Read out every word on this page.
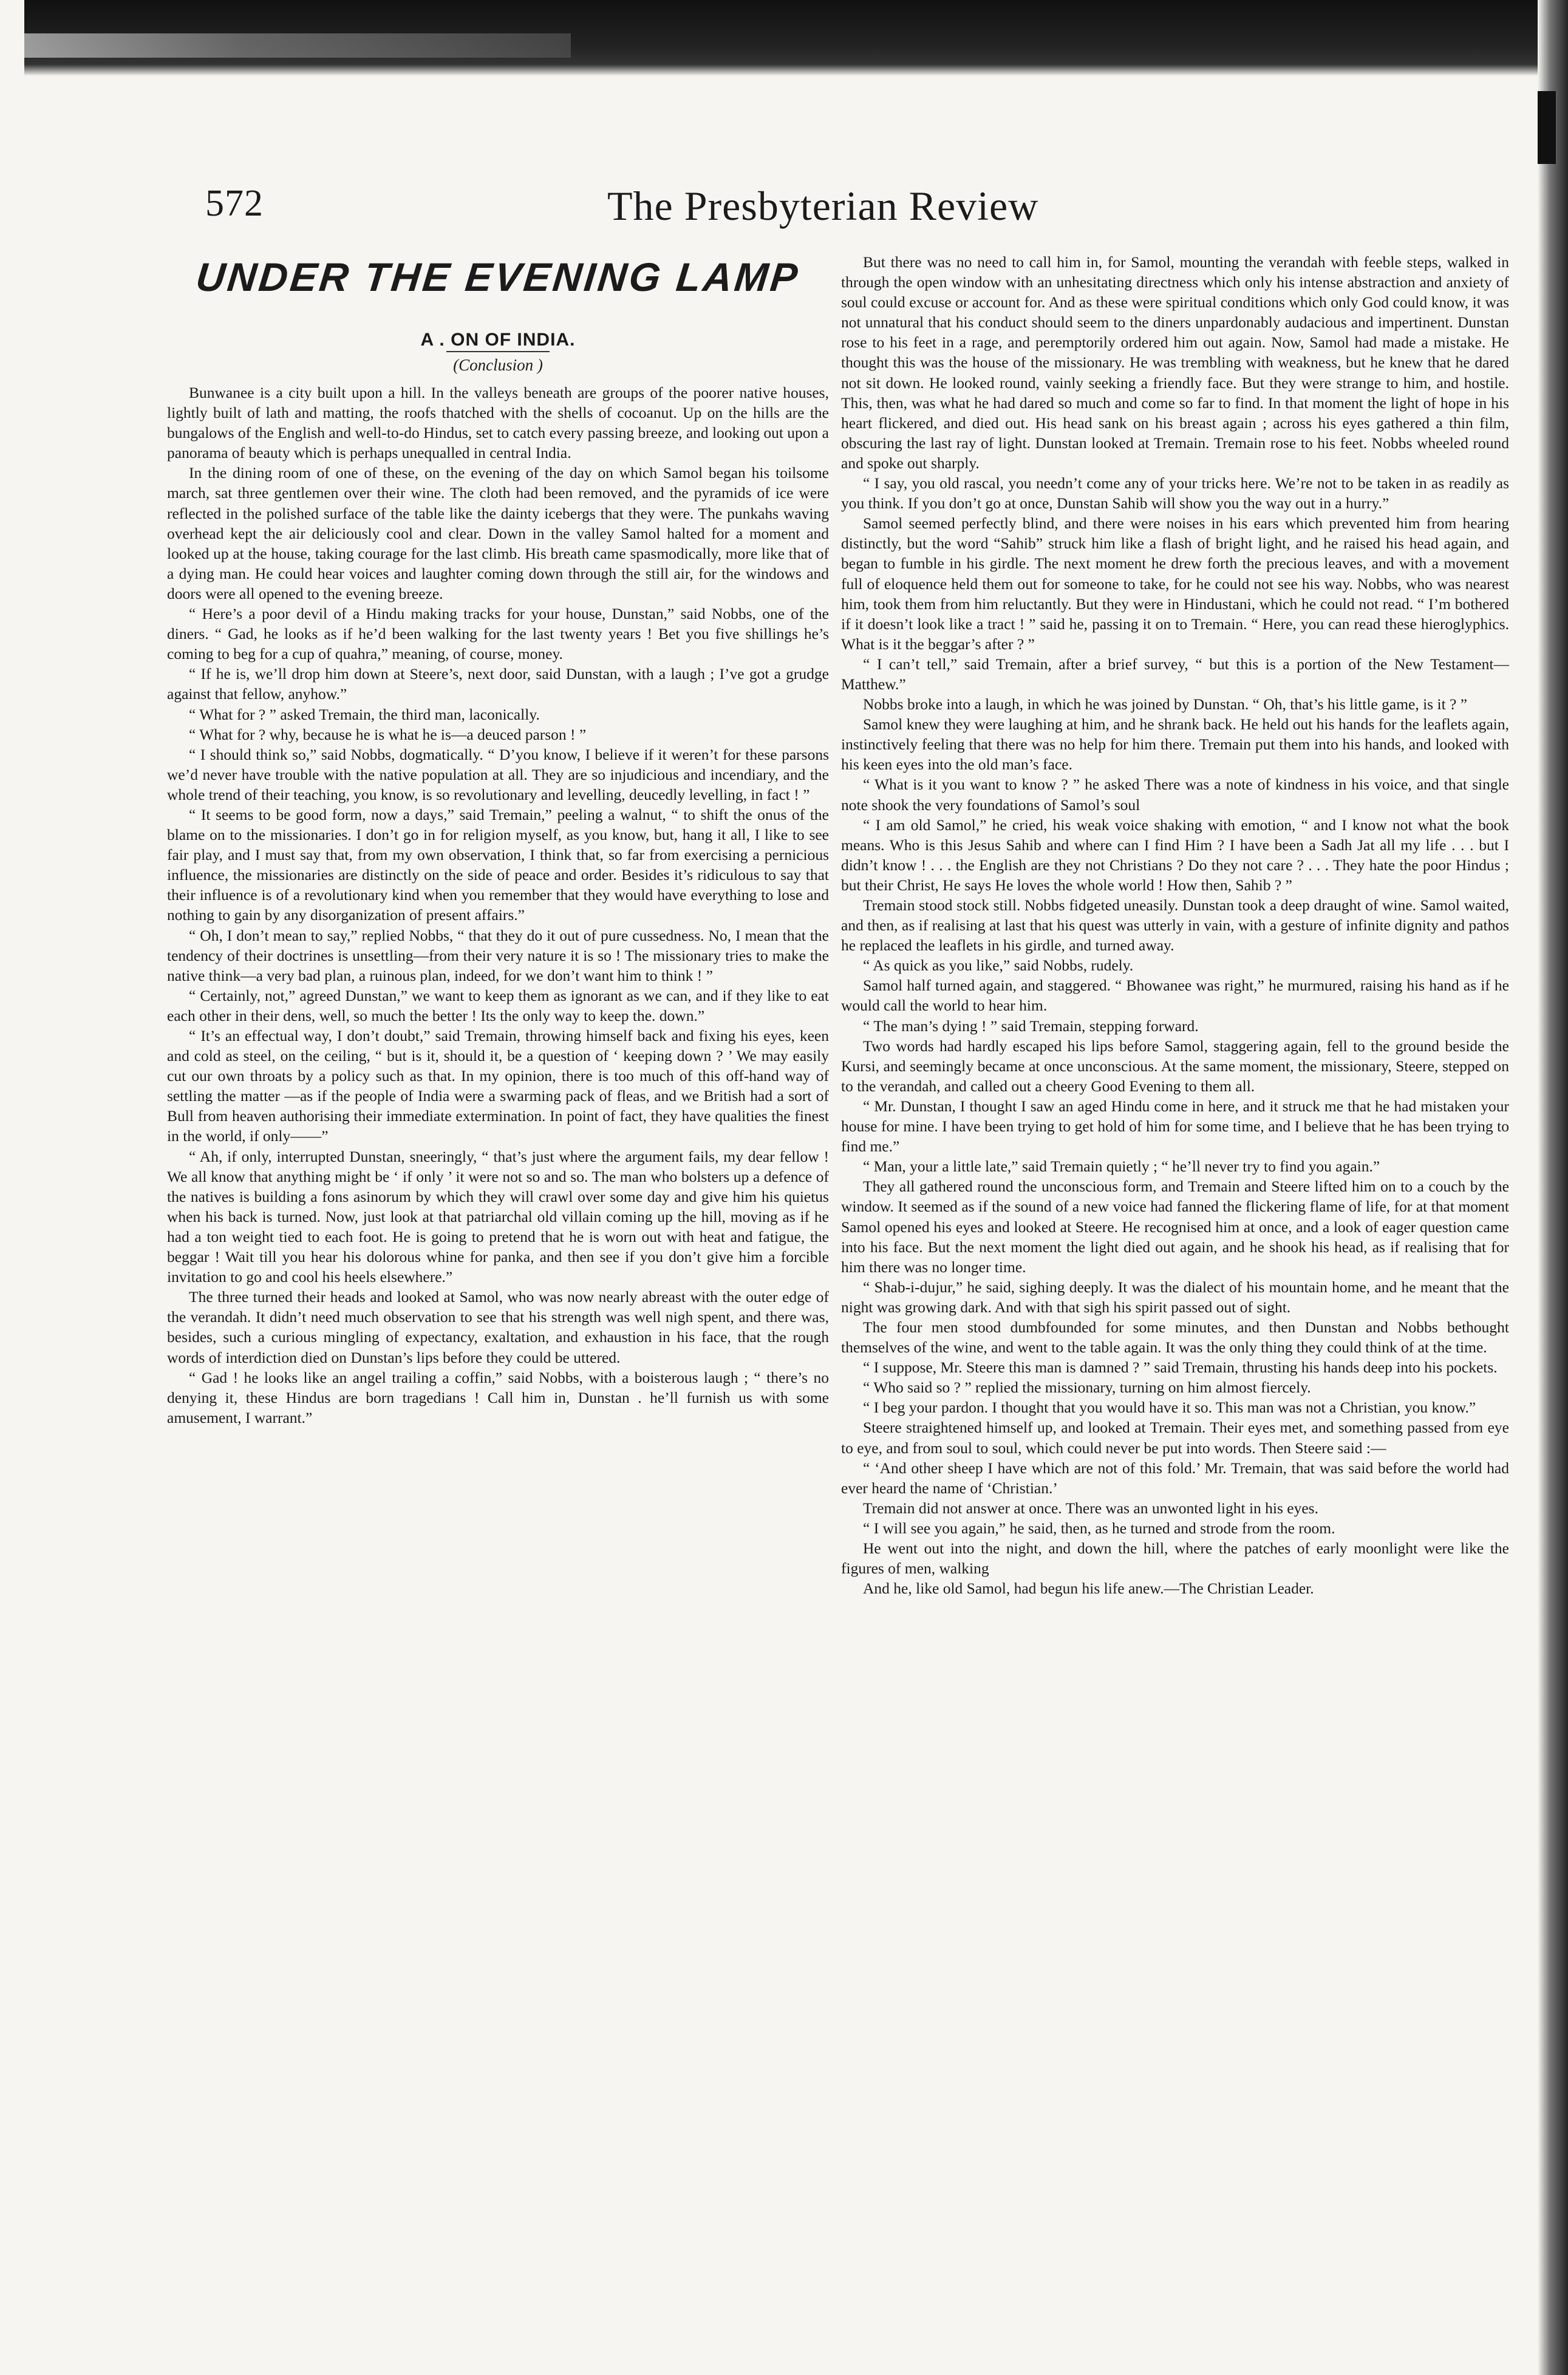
572	The Presbyterian Review
UNDER THE EVENING LAMP
A . ON OF INDIA.
(Conclusion )

Bunwanee is a city built upon a hill. In the valleys beneath are groups of the poorer native houses, lightly built of lath and matting, the roofs thatched with the shells of cocoanut. Up on the hills are the bungalows of the English and well-to-do Hindus, set to catch every passing breeze, and looking out upon a panorama of beauty which is perhaps unequalled in central India.

In the dining room of one of these, on the evening of the day on which Samol began his toilsome march, sat three gentlemen over their wine. The cloth had been removed, and the pyramids of ice were reflected in the polished surface of the table like the dainty icebergs that they were. The punkahs waving overhead kept the air deliciously cool and clear. Down in the valley Samol halted for a moment and looked up at the house, taking courage for the last climb. His breath came spasmodically, more like that of a dying man. He could hear voices and laughter coming down through the still air, for the windows and doors were all opened to the evening breeze.

“ Here’s a poor devil of a Hindu making tracks for your house, Dunstan,” said Nobbs, one of the diners. “ Gad, he looks as if he’d been walking for the last twenty years ! Bet you five shillings he’s coming to beg for a cup of quahra,” meaning, of course, money.

“ If he is, we’ll drop him down at Steere’s, next door, said Dunstan, with a laugh ; I’ve got a grudge against that fellow, anyhow.”

“ What for ? ” asked Tremain, the third man, laconically.

“ What for ? why, because he is what he is—a deuced parson ! ”

“ I should think so,” said Nobbs, dogmatically. “ D’you know, I believe if it weren’t for these parsons we’d never have trouble with the native population at all. They are so injudicious and incendiary, and the whole trend of their teaching, you know, is so revolutionary and levelling, deucedly levelling, in fact ! ”

“ It seems to be good form, now a days,” said Tremain,” peeling a walnut, “ to shift the onus of the blame on to the missionaries. I don’t go in for religion myself, as you know, but, hang it all, I like to see fair play, and I must say that, from my own observation, I think that, so far from exercising a pernicious influence, the missionaries are distinctly on the side of peace and order. Besides it’s ridiculous to say that their influence is of a revolutionary kind when you remember that they would have everything to lose and nothing to gain by any disorganization of present affairs.”

“ Oh, I don’t mean to say,” replied Nobbs, “ that they do it out of pure cussedness. No, I mean that the tendency of their doctrines is unsettling—from their very nature it is so ! The missionary tries to make the native think—a very bad plan, a ruinous plan, indeed, for we don’t want him to think ! ”

“ Certainly, not,” agreed Dunstan,” we want to keep them as ignorant as we can, and if they like to eat each other in their dens, well, so much the better ! Its the only way to keep the. down.”

“ It’s an effectual way, I don’t doubt,” said Tremain, throwing himself back and fixing his eyes, keen and cold as steel, on the ceiling, “ but is it, should it, be a question of ‘ keeping down ? ’ We may easily cut our own throats by a policy such as that. In my opinion, there is too much of this off-hand way of settling the matter —as if the people of India were a swarming pack of fleas, and we British had a sort of Bull from heaven authorising their immediate extermination. In point of fact, they have qualities the finest in the world, if only——”

“ Ah, if only, interrupted Dunstan, sneeringly, “ that’s just where the argument fails, my dear fellow ! We all know that anything might be ‘ if only ’ it were not so and so. The man who bolsters up a defence of the natives is building a fons asinorum by which they will crawl over some day and give him his quietus when his back is turned. Now, just look at that patriarchal old villain coming up the hill, moving as if he had a ton weight tied to each foot. He is going to pretend that he is worn out with heat and fatigue, the beggar ! Wait till you hear his dolorous whine for panka, and then see if you don’t give him a forcible invitation to go and cool his heels elsewhere.”

The three turned their heads and looked at Samol, who was now nearly abreast with the outer edge of the verandah. It didn’t need much observation to see that his strength was well nigh spent, and there was, besides, such a curious mingling of expectancy, exaltation, and exhaustion in his face, that the rough words of interdiction died on Dunstan’s lips before they could be uttered.

“ Gad ! he looks like an angel trailing a coffin,” said Nobbs, with a boisterous laugh ; “ there’s no denying it, these Hindus are born tragedians ! Call him in, Dunstan . he’ll furnish us with some amusement, I warrant.”

But there was no need to call him in, for Samol, mounting the verandah with feeble steps, walked in through the open window with an unhesitating directness which only his intense abstraction and anxiety of soul could excuse or account for. And as these were spiritual conditions which only God could know, it was not unnatural that his conduct should seem to the diners unpardonably audacious and impertinent. Dunstan rose to his feet in a rage, and peremptorily ordered him out again. Now, Samol had made a mistake. He thought this was the house of the missionary. He was trembling with weakness, but he knew that he dared not sit down. He looked round, vainly seeking a friendly face. But they were strange to him, and hostile. This, then, was what he had dared so much and come so far to find. In that moment the light of hope in his heart flickered, and died out. His head sank on his breast again ; across his eyes gathered a thin film, obscuring the last ray of light. Dunstan looked at Tremain. Tremain rose to his feet. Nobbs wheeled round and spoke out sharply.

“ I say, you old rascal, you needn’t come any of your tricks here. We’re not to be taken in as readily as you think. If you don’t go at once, Dunstan Sahib will show you the way out in a hurry.”

Samol seemed perfectly blind, and there were noises in his ears which prevented him from hearing distinctly, but the word “Sahib” struck him like a flash of bright light, and he raised his head again, and began to fumble in his girdle. The next moment he drew forth the precious leaves, and with a movement full of eloquence held them out for someone to take, for he could not see his way. Nobbs, who was nearest him, took them from him reluctantly. But they were in Hindustani, which he could not read. “ I’m bothered if it doesn’t look like a tract ! ” said he, passing it on to Tremain. “ Here, you can read these hieroglyphics. What is it the beggar’s after ? ”

“ I can’t tell,” said Tremain, after a brief survey, “ but this is a portion of the New Testament—Matthew.”

Nobbs broke into a laugh, in which he was joined by Dunstan. “ Oh, that’s his little game, is it ? ”

Samol knew they were laughing at him, and he shrank back. He held out his hands for the leaflets again, instinctively feeling that there was no help for him there. Tremain put them into his hands, and looked with his keen eyes into the old man’s face.

“ What is it you want to know ? ” he asked There was a note of kindness in his voice, and that single note shook the very foundations of Samol’s soul

“ I am old Samol,” he cried, his weak voice shaking with emotion, “ and I know not what the book means. Who is this Jesus Sahib and where can I find Him ? I have been a Sadh Jat all my life . . . but I didn’t know ! . . . the English are they not Christians ? Do they not care ? . . . They hate the poor Hindus ; but their Christ, He says He loves the whole world ! How then, Sahib ? ”

Tremain stood stock still. Nobbs fidgeted uneasily. Dunstan took a deep draught of wine. Samol waited, and then, as if realising at last that his quest was utterly in vain, with a gesture of infinite dignity and pathos he replaced the leaflets in his girdle, and turned away.

“ As quick as you like,” said Nobbs, rudely.

Samol half turned again, and staggered. “ Bhowanee was right,” he murmured, raising his hand as if he would call the world to hear him.

“ The man’s dying ! ” said Tremain, stepping forward.

Two words had hardly escaped his lips before Samol, staggering again, fell to the ground beside the Kursi, and seemingly became at once unconscious. At the same moment, the missionary, Steere, stepped on to the verandah, and called out a cheery Good Evening to them all.

“ Mr. Dunstan, I thought I saw an aged Hindu come in here, and it struck me that he had mistaken your house for mine. I have been trying to get hold of him for some time, and I believe that he has been trying to find me.”

“ Man, your a little late,” said Tremain quietly ; “ he’ll never try to find you again.”

They all gathered round the unconscious form, and Tremain and Steere lifted him on to a couch by the window. It seemed as if the sound of a new voice had fanned the flickering flame of life, for at that moment Samol opened his eyes and looked at Steere. He recognised him at once, and a look of eager question came into his face. But the next moment the light died out again, and he shook his head, as if realising that for him there was no longer time.

“ Shab-i-dujur,” he said, sighing deeply. It was the dialect of his mountain home, and he meant that the night was growing dark. And with that sigh his spirit passed out of sight.

The four men stood dumbfounded for some minutes, and then Dunstan and Nobbs bethought themselves of the wine, and went to the table again. It was the only thing they could think of at the time.

“ I suppose, Mr. Steere this man is damned ? ” said Tremain, thrusting his hands deep into his pockets.

“ Who said so ? ” replied the missionary, turning on him almost fiercely.

“ I beg your pardon. I thought that you would have it so. This man was not a Christian, you know.”

Steere straightened himself up, and looked at Tremain. Their eyes met, and something passed from eye to eye, and from soul to soul, which could never be put into words. Then Steere said :—

“ ‘And other sheep I have which are not of this fold.’ Mr. Tremain, that was said before the world had ever heard the name of ‘Christian.’

Tremain did not answer at once. There was an unwonted light in his eyes.

“ I will see you again,” he said, then, as he turned and strode from the room.

He went out into the night, and down the hill, where the patches of early moonlight were like the figures of men, walking

And he, like old Samol, had begun his life anew.—The Christian Leader.
